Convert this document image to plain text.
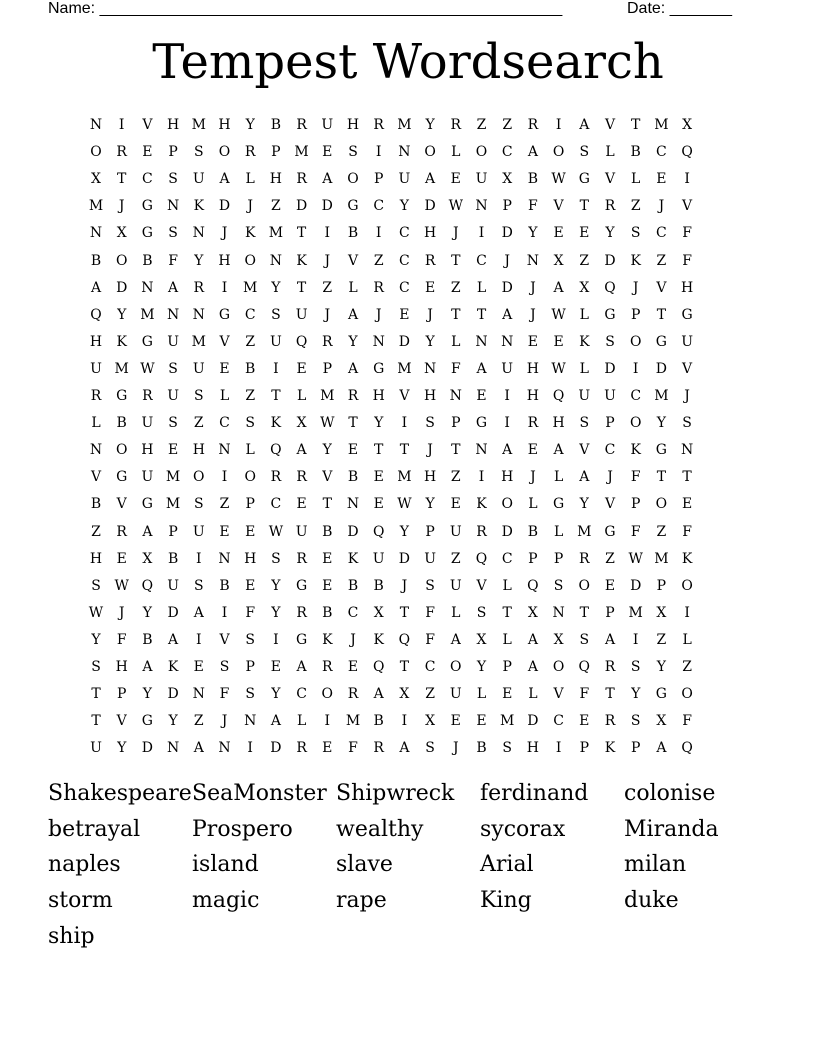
Name: ____________________________________________________	Date: _______
Tempest Wordsearch
N	I	V	H M H	Y	B	R	U H	R M Y	R	Z	Z	R	I	A	V	T M X
O	R	E	P	S	O	R	P M E	S	I	N O	L	O	C	A	O	S	L	B	C	Q
X	T	C	S	U	A	L	H	R	A	O	P	U	A	E	U	X	B W G	V	L	E	I
M	J	G N	K	D	J	Z	D	D	G	C	Y	D W N	P	F	V	T	R	Z	J	V
N	X	G	S	N	J	K M T	I	B	I	C	H	J	I	D	Y	E	E	Y	S	C	F
B	O	B	F	Y	H O N	K	J	V	Z	C	R	T	C	J	N	X	Z	D	K	Z	F
A	D N	A	R	I	M Y	T	Z	L	R	C	E	Z	L	D	J	A	X	Q	J	V	H
Q	Y M N N G	C	S	U	J	A	J	E	J	T	T	A	J	W L	G	P	T	G
H	K	G	U M V	Z	U	Q	R	Y	N D	Y	L	N N	E	E	K	S	O	G	U
U M W S	U	E	B	I	E	P	A	G M N	F	A	U H W L	D	I	D	V
R	G	R	U	S	L	Z	T	L M R	H	V	H N	E	I	H Q	U U	C M	J
L	B	U	S	Z	C	S	K	X W T	Y	I	S	P	G	I	R	H	S	P	O	Y	S
N O H	E	H N	L	Q	A	Y	E	T	T	J	T	N	A	E	A	V	C	K	G N
V	G	U M O	I	O	R	R	V	B	E M H	Z	I	H	J	L	A	J	F	T	T
B	V	G M S	Z	P	C	E	T	N	E W Y	E	K	O	L	G	Y	V	P	O	E
Z	R	A	P	U	E	E W U	B	D	Q	Y	P	U	R	D	B	L M G	F	Z	F
H	E	X	B	I	N H	S	R	E	K	U	D	U	Z	Q	C	P	P	R	Z W M K
S W Q	U	S	B	E	Y	G	E	B	B	J	S	U	V	L	Q	S	O	E	D	P	O
W	J	Y	D	A	I	F	Y	R	B	C	X	T	F	L	S	T	X	N	T	P M X	I
Y	F	B	A	I	V	S	I	G	K	J	K	Q	F	A	X	L	A	X	S	A	I	Z	L
S	H	A	K	E	S	P	E	A	R	E	Q	T	C	O	Y	P	A	O	Q	R	S	Y	Z
T	P	Y	D N	F	S	Y	C	O	R	A	X	Z	U	L	E	L	V	F	T	Y	G	O
T	V	G	Y	Z	J	N	A	L	I	M B	I	X	E	E M D	C	E	R	S	X	F
U	Y	D N	A	N	I	D	R	E	F	R	A	S	J	B	S	H	I	P	K	P	A	Q
Shakespeare SeaMonster Shipwreck ferdinand colonise
betrayal Prospero wealthy	sycorax	Miranda
naples	island	slave	Arial	milan
storm	magic	rape	King	duke
ship
